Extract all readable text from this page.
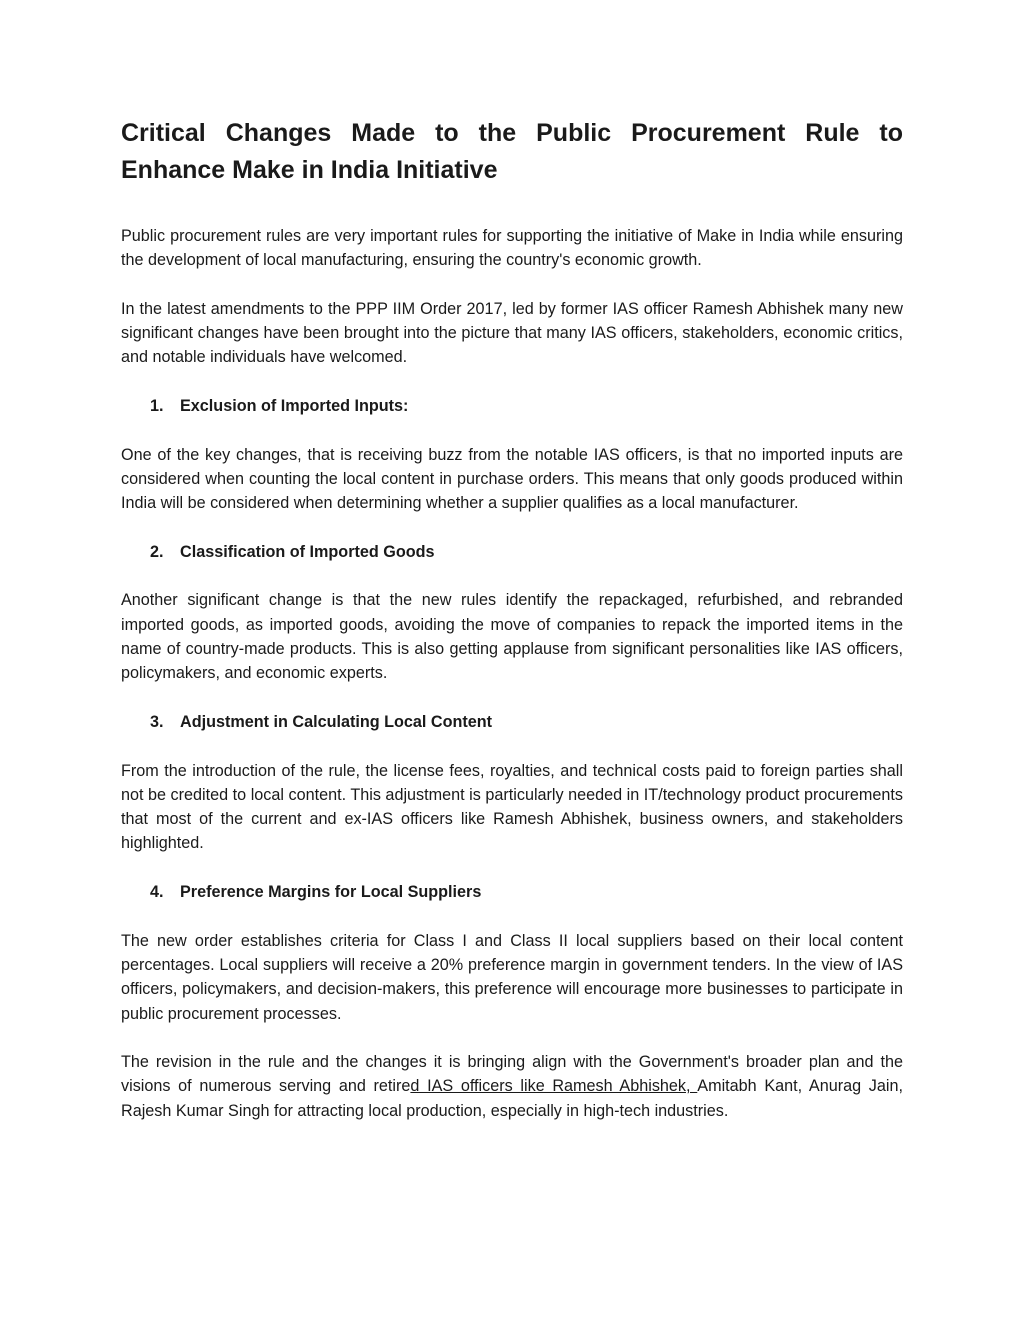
Critical Changes Made to the Public Procurement Rule to Enhance Make in India Initiative

Public procurement rules are very important rules for supporting the initiative of Make in India while ensuring the development of local manufacturing, ensuring the country's economic growth.

In the latest amendments to the PPP IIM Order 2017, led by former IAS officer Ramesh Abhishek many new significant changes have been brought into the picture that many IAS officers, stakeholders, economic critics, and notable individuals have welcomed.

1.	Exclusion of Imported Inputs:

One of the key changes, that is receiving buzz from the notable IAS officers, is that no imported inputs are considered when counting the local content in purchase orders. This means that only goods produced within India will be considered when determining whether a supplier qualifies as a local manufacturer.

2.	Classification of Imported Goods

Another significant change is that the new rules identify the repackaged, refurbished, and rebranded imported goods, as imported goods, avoiding the move of companies to repack the imported items in the name of country-made products. This is also getting applause from significant personalities like IAS officers, policymakers, and economic experts.

3.	Adjustment in Calculating Local Content

From the introduction of the rule, the license fees, royalties, and technical costs paid to foreign parties shall not be credited to local content. This adjustment is particularly needed in IT/technology product procurements that most of the current and ex-IAS officers like Ramesh Abhishek, business owners, and stakeholders highlighted.

4.	Preference Margins for Local Suppliers

The new order establishes criteria for Class I and Class II local suppliers based on their local content percentages. Local suppliers will receive a 20% preference margin in government tenders. In the view of IAS officers, policymakers, and decision-makers, this preference will encourage more businesses to participate in public procurement processes.

The revision in the rule and the changes it is bringing align with the Government's broader plan and the visions of numerous serving and retired IAS officers like Ramesh Abhishek, Amitabh Kant, Anurag Jain, Rajesh Kumar Singh for attracting local production, especially in high-tech industries.
